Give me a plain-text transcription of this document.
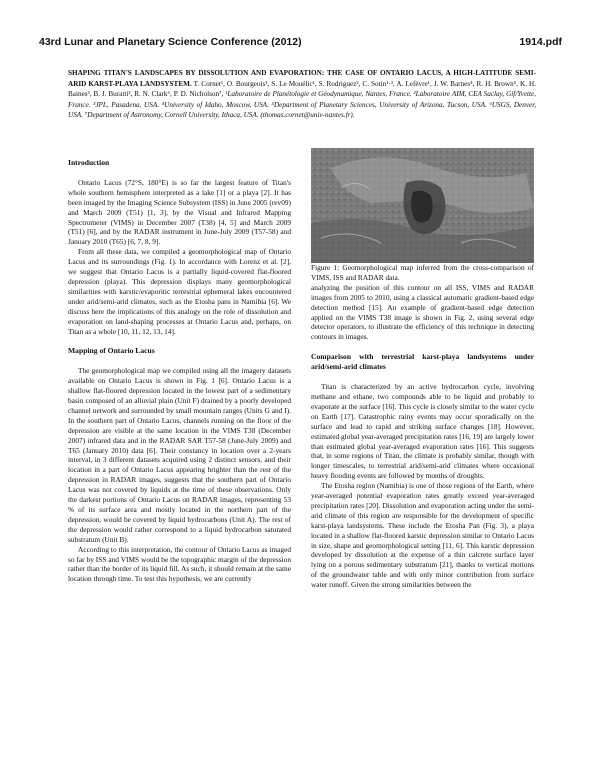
43rd Lunar and Planetary Science Conference (2012)	1914.pdf
SHAPING TITAN'S LANDSCAPES BY DISSOLUTION AND EVAPORATION: THE CASE OF ONTARIO LACUS, A HIGH-LATITUDE SEMI-ARID KARST-PLAYA LANDSYSTEM. T. Cornet¹, O. Bourgeois¹, S. Le Mouélic¹, S. Rodriguez², C. Sotin¹·³, A. Lefèvre¹, J. W. Barnes⁴, R. H. Brown⁵, K. H. Baines³, B. J. Buratti³, R. N. Clark⁶, P. D. Nicholson⁷, ¹Laboratoire de Planétologie et Géodynamique, Nantes, France. ²Laboratoire AIM, CEA Saclay, Gif/Yvette, France. ³JPL, Pasadena, USA. ⁴University of Idaho, Moscow, USA. ⁵Department of Planetary Sciences, University of Arizona, Tucson, USA. ⁶USGS, Denver, USA. ⁷Department of Astronomy, Cornell University, Ithaca, USA. (thomas.cornet@univ-nantes.fr).
Introduction

Ontario Lacus (72°S, 180°E) is so far the largest feature of Titan's whole southern hemisphere interpreted as a lake [1] or a playa [2]. It has been imaged by the Imaging Science Subsystem (ISS) in June 2005 (rev09) and March 2009 (T51) [1, 3], by the Visual and Infrared Mapping Spectrometer (VIMS) in December 2007 (T38) [4, 5] and March 2009 (T51) [6], and by the RADAR instrument in June-July 2009 (T57-58) and January 2010 (T65) [6, 7, 8, 9].

From all these data, we compiled a geomorphological map of Ontario Lacus and its surroundings (Fig. 1). In accordance with Lorenz et al. [2], we suggest that Ontario Lacus is a partially liquid-covered flat-floored depression (playa). This depression displays many geomorphological similarities with karstic/evaporitic terrestrial ephemeral lakes encountered under arid/semi-arid climates, such as the Etosha pans in Namibia [6]. We discuss here the implications of this analogy on the role of dissolution and evaporation on land-shaping processes at Ontario Lacus and, perhaps, on Titan as a whole [10, 11, 12, 13, 14].

Mapping of Ontario Lacus

The geomorphological map we compiled using all the imagery datasets available on Ontario Lacus is shown in Fig. 1 [6]. Ontario Lacus is a shallow flat-floored depression located in the lowest part of a sedimentary basin composed of an alluvial plain (Unit F) drained by a poorly developed channel network and surrounded by small mountain ranges (Units G and I). In the southern part of Ontario Lacus, channels running on the floor of the depression are visible at the same location in the VIMS T38 (December 2007) infrared data and in the RADAR SAR T57-58 (June-July 2009) and T65 (January 2010) data [6]. Their constancy in location over a 2-years interval, in 3 different datasets acquired using 2 distinct sensors, and their location in a part of Ontario Lacus appearing brighter than the rest of the depression in RADAR images, suggests that the southern part of Ontario Lacus was not covered by liquids at the time of these observations. Only the darkest portions of Ontario Lacus on RADAR images, representing 53 % of its surface area and mostly located in the northern part of the depression, would be covered by liquid hydrocarbons (Unit A). The rest of the depression would rather correspond to a liquid hydrocarbon saturated substratum (Unit B).

According to this interpretation, the contour of Ontario Lacus as imaged so far by ISS and VIMS would be the topographic margin of the depression rather than the border of its liquid fill. As such, it should remain at the same location through time. To test this hypothesis, we are currently

Figure 1: Geomorphological map inferred from the cross-comparison of VIMS, ISS and RADAR data.

analyzing the position of this contour on all ISS, VIMS and RADAR images from 2005 to 2010, using a classical automatic gradient-based edge detection method [15]. An example of gradient-based edge detection applied on the VIMS T38 image is shown in Fig. 2, using several edge detector operators, to illustrate the efficiency of this technique in detecting contours in images.

Comparison with terrestrial karst-playa landsystems under arid/semi-arid climates

Titan is characterized by an active hydrocarbon cycle, involving methane and ethane, two compounds able to be liquid and probably to evaporate at the surface [16]. This cycle is closely similar to the water cycle on Earth [17]. Catastrophic rainy events may occur sporadically on the surface and lead to rapid and striking surface changes [18]. However, estimated global year-averaged precipitation rates [16, 19] are largely lower than estimated global year-averaged evaporation rates [16]. This suggests that, in some regions of Titan, the climate is probably similar, though with longer timescales, to terrestrial arid/semi-arid climates where occasional heavy flooding events are followed by months of droughts.

The Etosha region (Namibia) is one of those regions of the Earth, where year-averaged potential evaporation rates greatly exceed year-averaged precipitation rates [20]. Dissolution and evaporation acting under the semi-arid climate of this region are responsible for the development of specific karst-playa landsystems. These include the Etosha Pan (Fig. 3), a playa located in a shallow flat-floored karstic depression similar to Ontario Lacus in size, shape and geomorphological setting [11, 6]. This karstic depression developed by dissolution at the expense of a thin calcrete surface layer lying on a porous sedimentary substratum [21], thanks to vertical motions of the groundwater table and with only minor contribution from surface water runoff. Given the strong similarities between the
